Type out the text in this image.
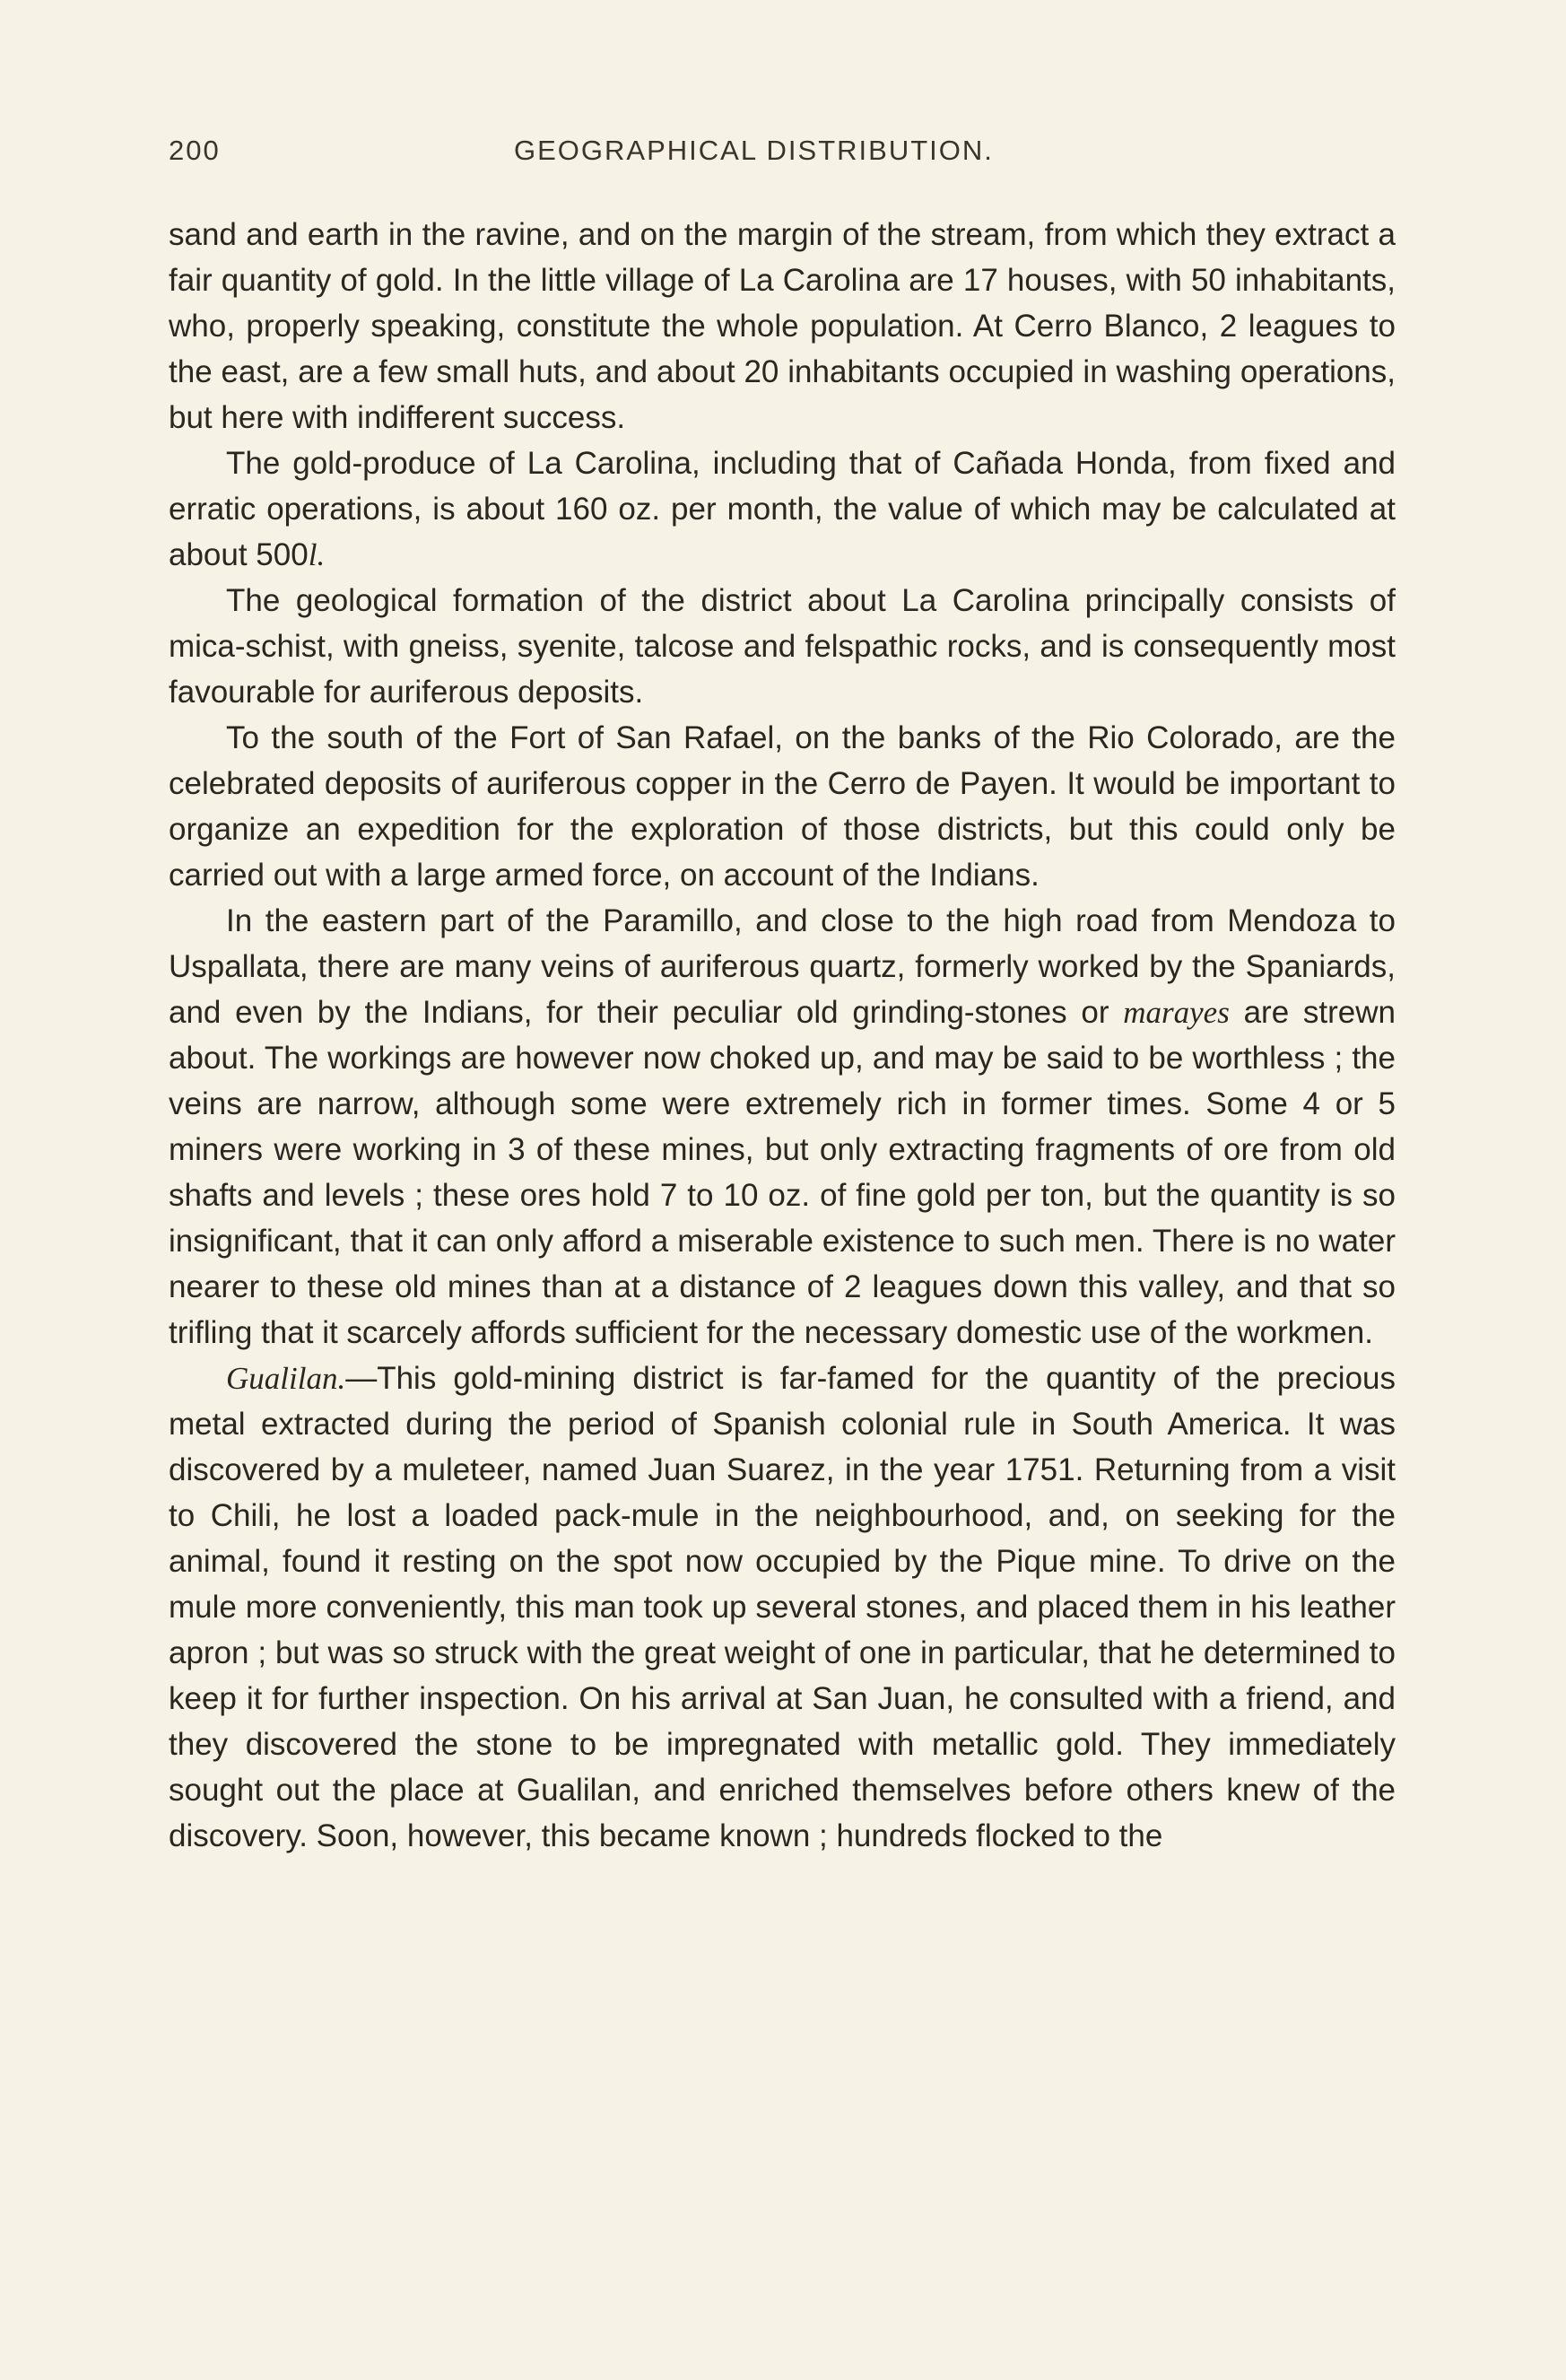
200	GEOGRAPHICAL DISTRIBUTION.

sand and earth in the ravine, and on the margin of the stream, from which they extract a fair quantity of gold. In the little village of La Carolina are 17 houses, with 50 inhabitants, who, properly speaking, constitute the whole population. At Cerro Blanco, 2 leagues to the east, are a few small huts, and about 20 inhabitants occupied in washing operations, but here with indifferent success.

The gold-produce of La Carolina, including that of Cañada Honda, from fixed and erratic operations, is about 160 oz. per month, the value of which may be calculated at about 500l.

The geological formation of the district about La Carolina principally consists of mica-schist, with gneiss, syenite, talcose and felspathic rocks, and is consequently most favourable for auriferous deposits.

To the south of the Fort of San Rafael, on the banks of the Rio Colorado, are the celebrated deposits of auriferous copper in the Cerro de Payen. It would be important to organize an expedition for the exploration of those districts, but this could only be carried out with a large armed force, on account of the Indians.

In the eastern part of the Paramillo, and close to the high road from Mendoza to Uspallata, there are many veins of auriferous quartz, formerly worked by the Spaniards, and even by the Indians, for their peculiar old grinding-stones or marayes are strewn about. The workings are however now choked up, and may be said to be worthless ; the veins are narrow, although some were extremely rich in former times. Some 4 or 5 miners were working in 3 of these mines, but only extracting fragments of ore from old shafts and levels ; these ores hold 7 to 10 oz. of fine gold per ton, but the quantity is so insignificant, that it can only afford a miserable existence to such men. There is no water nearer to these old mines than at a distance of 2 leagues down this valley, and that so trifling that it scarcely affords sufficient for the necessary domestic use of the workmen.

Gualilan.—This gold-mining district is far-famed for the quantity of the precious metal extracted during the period of Spanish colonial rule in South America. It was discovered by a muleteer, named Juan Suarez, in the year 1751. Returning from a visit to Chili, he lost a loaded pack-mule in the neighbourhood, and, on seeking for the animal, found it resting on the spot now occupied by the Pique mine. To drive on the mule more conveniently, this man took up several stones, and placed them in his leather apron ; but was so struck with the great weight of one in particular, that he determined to keep it for further inspection. On his arrival at San Juan, he consulted with a friend, and they discovered the stone to be impregnated with metallic gold. They immediately sought out the place at Gualilan, and enriched themselves before others knew of the discovery. Soon, however, this became known ; hundreds flocked to the
